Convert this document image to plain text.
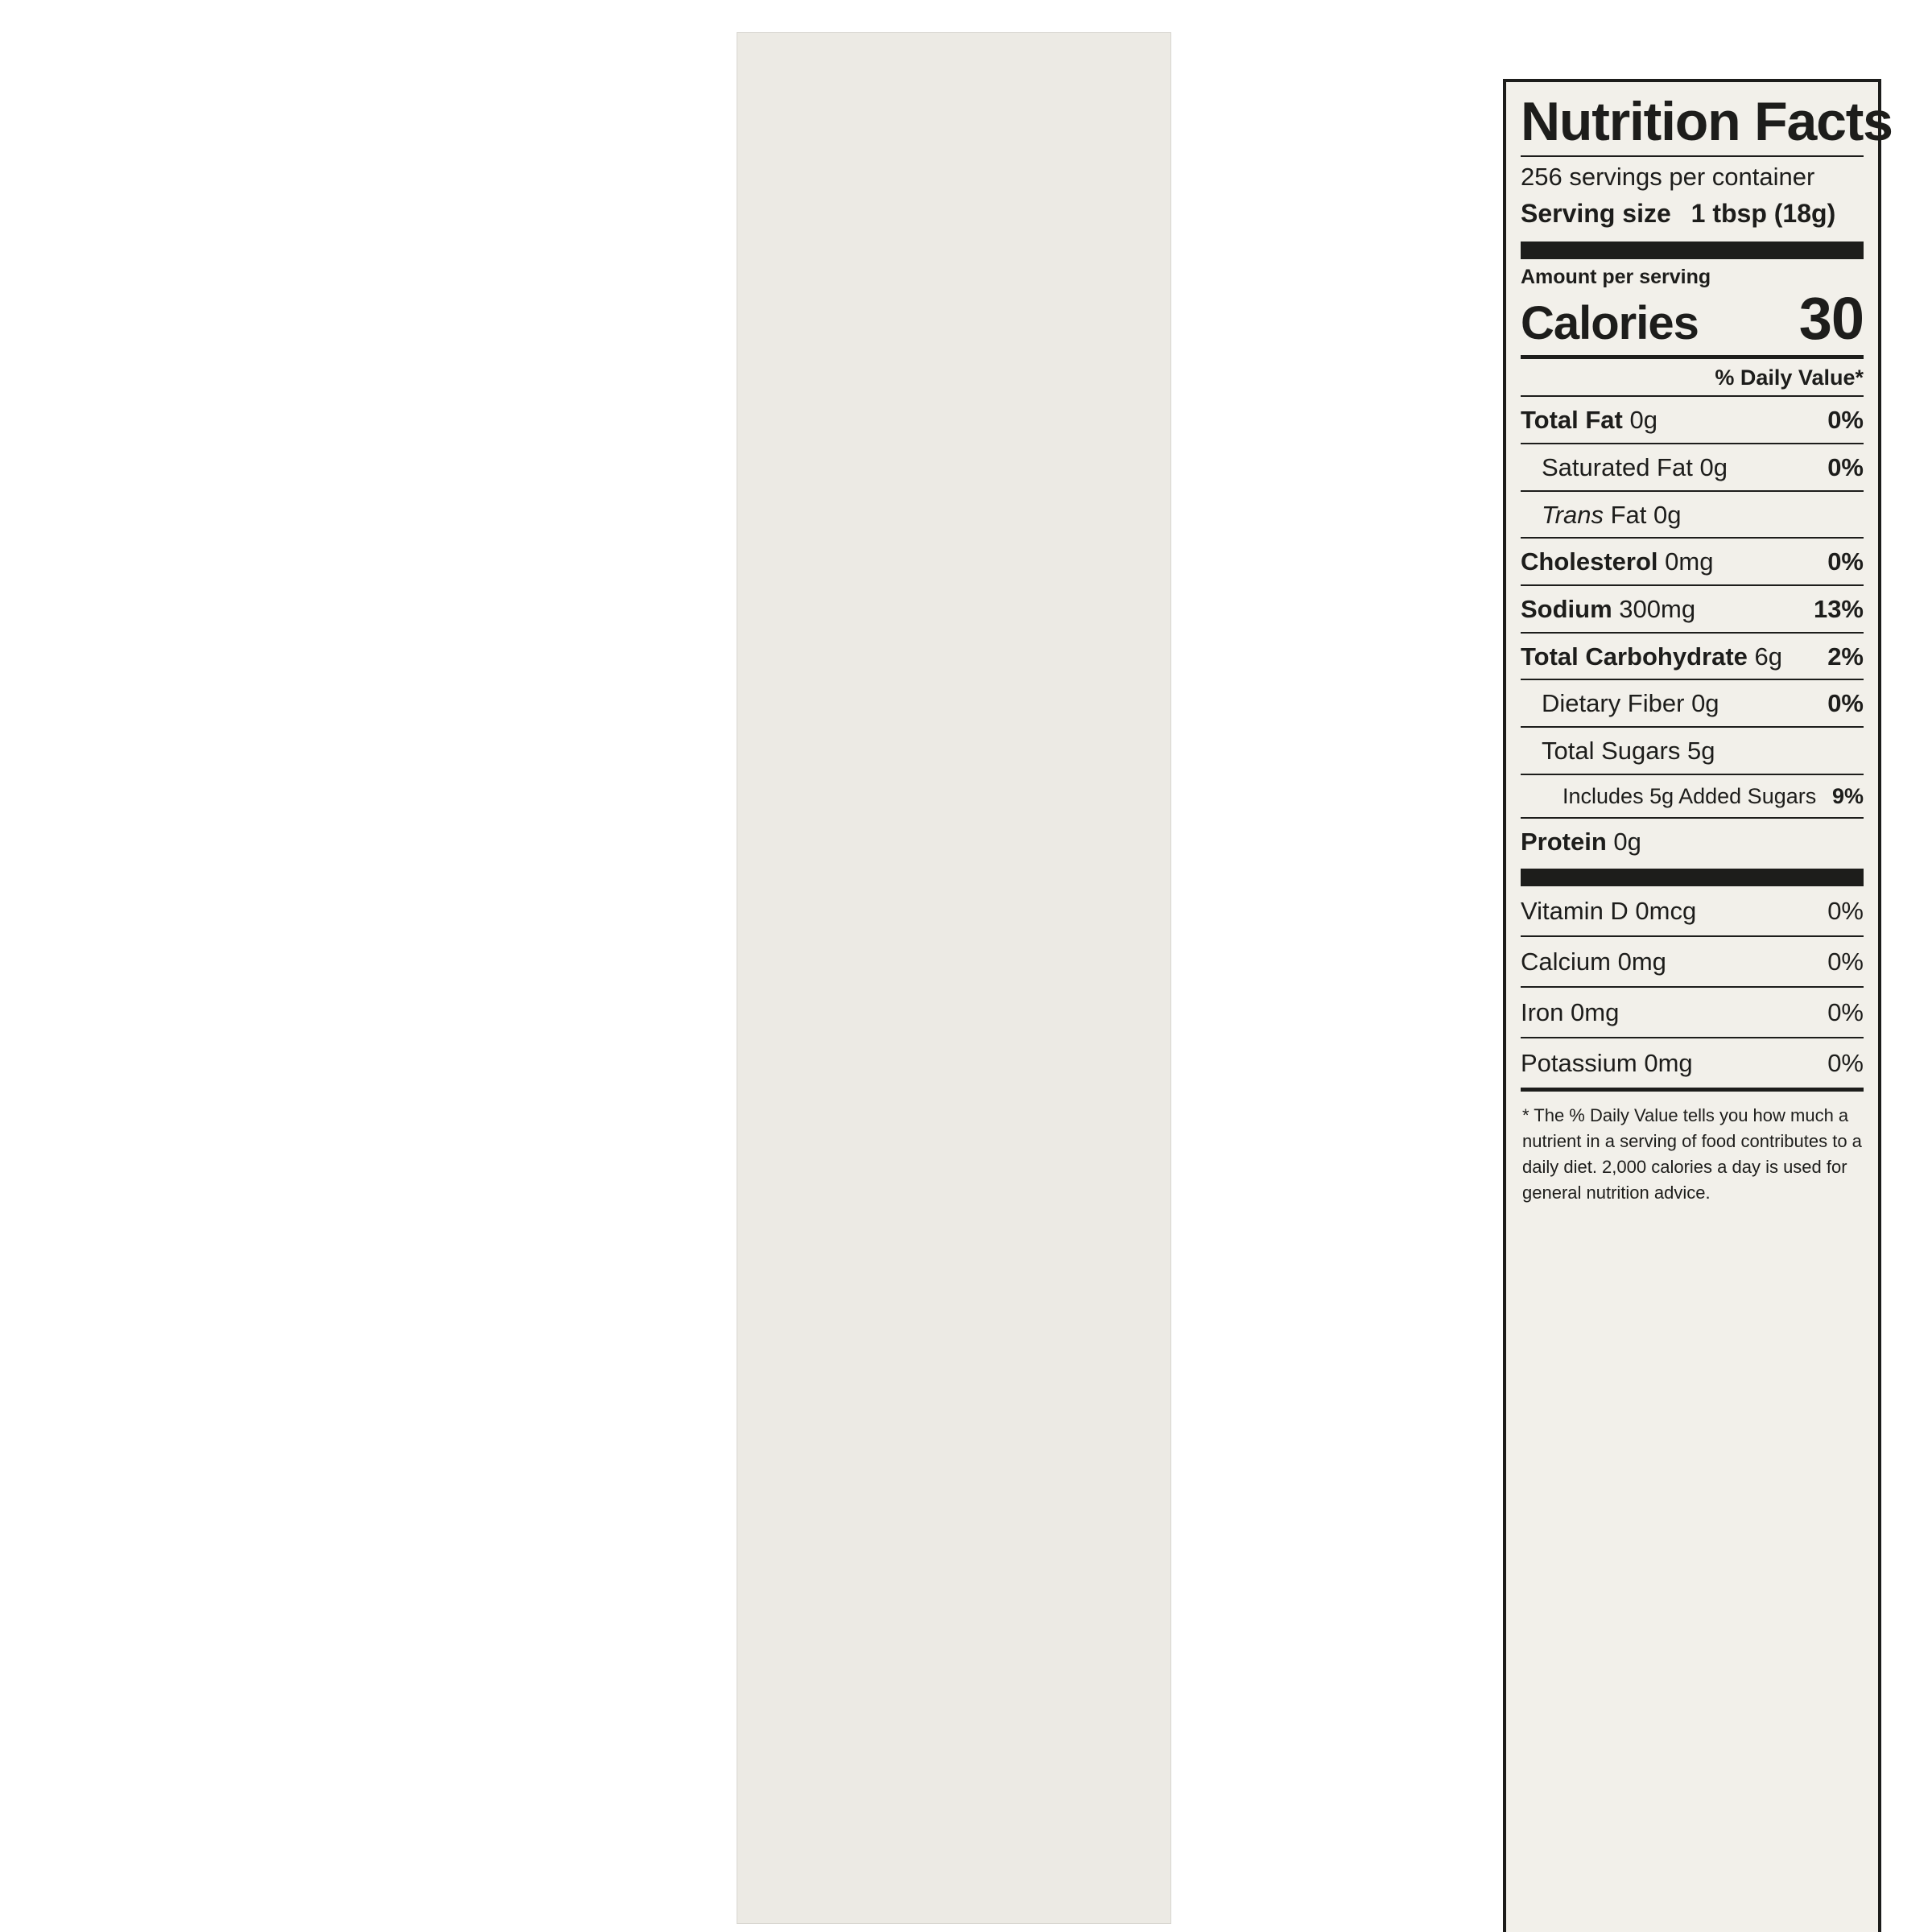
Nutrition Facts
256 servings per container
Serving size 1 tbsp (18g)
Amount per serving
Calories 30
% Daily Value*
Total Fat 0g	0%
Saturated Fat 0g	0%
Trans Fat 0g
Cholesterol 0mg	0%
Sodium 300mg	13%
Total Carbohydrate 6g 2%
Dietary Fiber 0g	0%
Total Sugars 5g
Includes 5g Added Sugars 9%
Protein 0g
Vitamin D 0mcg	0%
Calcium 0mg	0%
Iron 0mg	0%
Potassium 0mg	0%
* The % Daily Value tells you how much a nutrient in a serving of food contributes to a daily diet. 2,000 calories a day is used for general nutrition advice.
